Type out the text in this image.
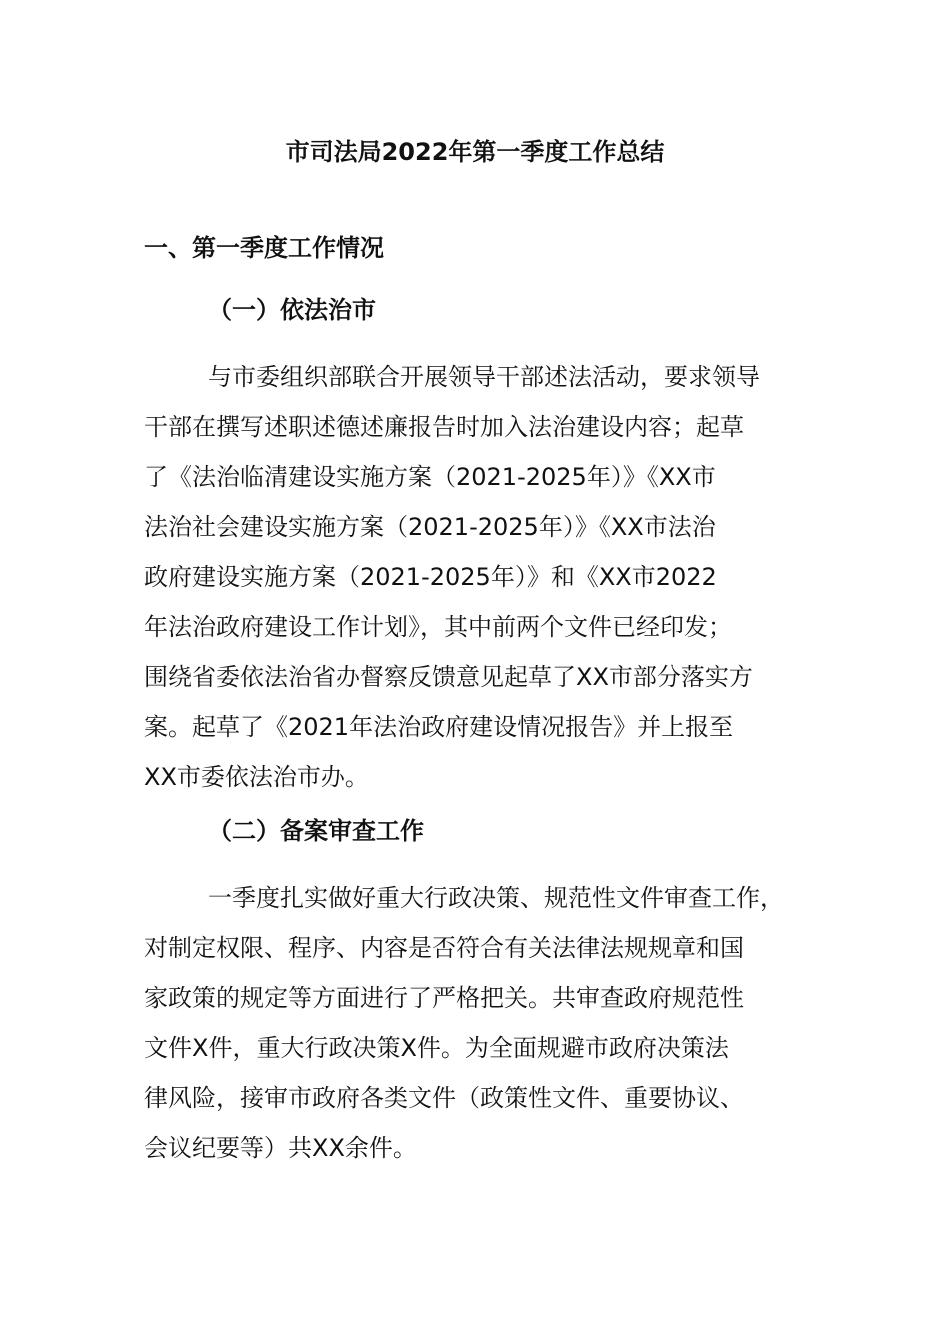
市司法局2022年第一季度工作总结
一、第一季度工作情况
（一）依法治市
与市委组织部联合开展领导干部述法活动，要求领导
干部在撰写述职述德述廉报告时加入法治建设内容；起草
了《法治临清建设实施方案（2021-2025年）》《XX市
法治社会建设实施方案（2021-2025年）》《XX市法治
政府建设实施方案（2021-2025年）》和《XX市2022
年法治政府建设工作计划》，其中前两个文件已经印发；
围绕省委依法治省办督察反馈意见起草了XX市部分落实方
案。起草了《2021年法治政府建设情况报告》并上报至
XX市委依法治市办。
（二）备案审查工作
一季度扎实做好重大行政决策、规范性文件审查工作，
对制定权限、程序、内容是否符合有关法律法规规章和国
家政策的规定等方面进行了严格把关。共审查政府规范性
文件X件，重大行政决策X件。为全面规避市政府决策法
律风险，接审市政府各类文件（政策性文件、重要协议、
会议纪要等）共XX余件。
